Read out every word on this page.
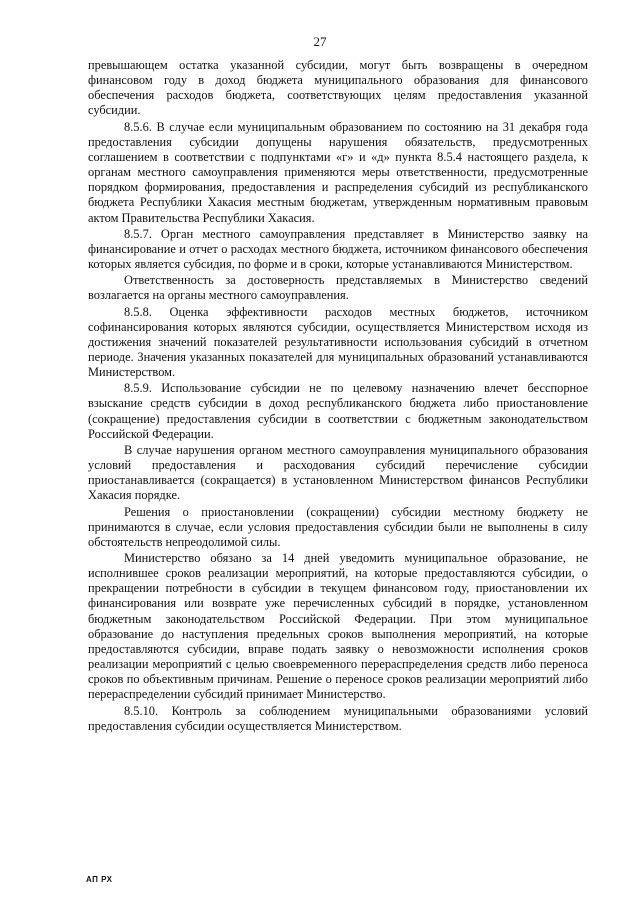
27

превышающем остатка указанной субсидии, могут быть возвращены в очередном финансовом году в доход бюджета муниципального образования для финансового обеспечения расходов бюджета, соответствующих целям предоставления указанной субсидии.

8.5.6. В случае если муниципальным образованием по состоянию на 31 декабря года предоставления субсидии допущены нарушения обязательств, предусмотренных соглашением в соответствии с подпунктами «г» и «д» пункта 8.5.4 настоящего раздела, к органам местного самоуправления применяются меры ответственности, предусмотренные порядком формирования, предоставления и распределения субсидий из республиканского бюджета Республики Хакасия местным бюджетам, утвержденным нормативным правовым актом Правительства Республики Хакасия.

8.5.7. Орган местного самоуправления представляет в Министерство заявку на финансирование и отчет о расходах местного бюджета, источником финансового обеспечения которых является субсидия, по форме и в сроки, которые устанавливаются Министерством.

Ответственность за достоверность представляемых в Министерство сведений возлагается на органы местного самоуправления.

8.5.8. Оценка эффективности расходов местных бюджетов, источником софинансирования которых являются субсидии, осуществляется Министерством исходя из достижения значений показателей результативности использования субсидий в отчетном периоде. Значения указанных показателей для муниципальных образований устанавливаются Министерством.

8.5.9. Использование субсидии не по целевому назначению влечет бесспорное взыскание средств субсидии в доход республиканского бюджета либо приостановление (сокращение) предоставления субсидии в соответствии с бюджетным законодательством Российской Федерации.

В случае нарушения органом местного самоуправления муниципального образования условий предоставления и расходования субсидий перечисление субсидии приостанавливается (сокращается) в установленном Министерством финансов Республики Хакасия порядке.

Решения о приостановлении (сокращении) субсидии местному бюджету не принимаются в случае, если условия предоставления субсидии были не выполнены в силу обстоятельств непреодолимой силы.

Министерство обязано за 14 дней уведомить муниципальное образование, не исполнившее сроков реализации мероприятий, на которые предоставляются субсидии, о прекращении потребности в субсидии в текущем финансовом году, приостановлении их финансирования или возврате уже перечисленных субсидий в порядке, установленном бюджетным законодательством Российской Федерации. При этом муниципальное образование до наступления предельных сроков выполнения мероприятий, на которые предоставляются субсидии, вправе подать заявку о невозможности исполнения сроков реализации мероприятий с целью своевременного перераспределения средств либо переноса сроков по объективным причинам. Решение о переносе сроков реализации мероприятий либо перераспределении субсидий принимает Министерство.

8.5.10. Контроль за соблюдением муниципальными образованиями условий предоставления субсидии осуществляется Министерством.

АП РХ
